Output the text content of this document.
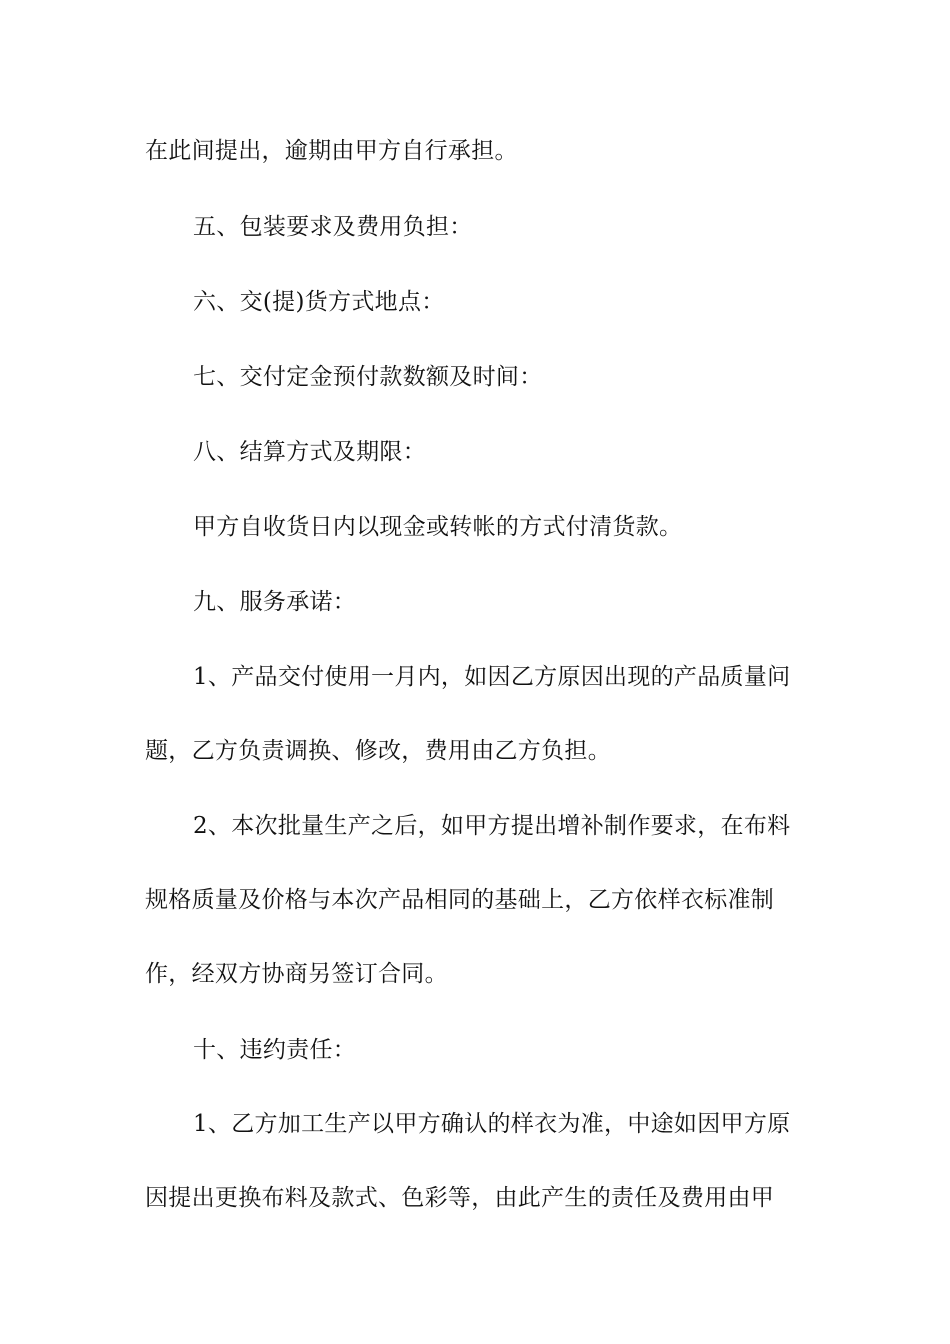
在此间提出，逾期由甲方自行承担。
五、包装要求及费用负担：
六、交(提)货方式地点：
七、交付定金预付款数额及时间：
八、结算方式及期限：
甲方自收货日内以现金或转帐的方式付清货款。
九、服务承诺：
1、产品交付使用一月内，如因乙方原因出现的产品质量问
题，乙方负责调换、修改，费用由乙方负担。
2、本次批量生产之后，如甲方提出增补制作要求，在布料
规格质量及价格与本次产品相同的基础上，乙方依样衣标准制
作，经双方协商另签订合同。
十、违约责任：
1、乙方加工生产以甲方确认的样衣为准，中途如因甲方原
因提出更换布料及款式、色彩等，由此产生的责任及费用由甲
